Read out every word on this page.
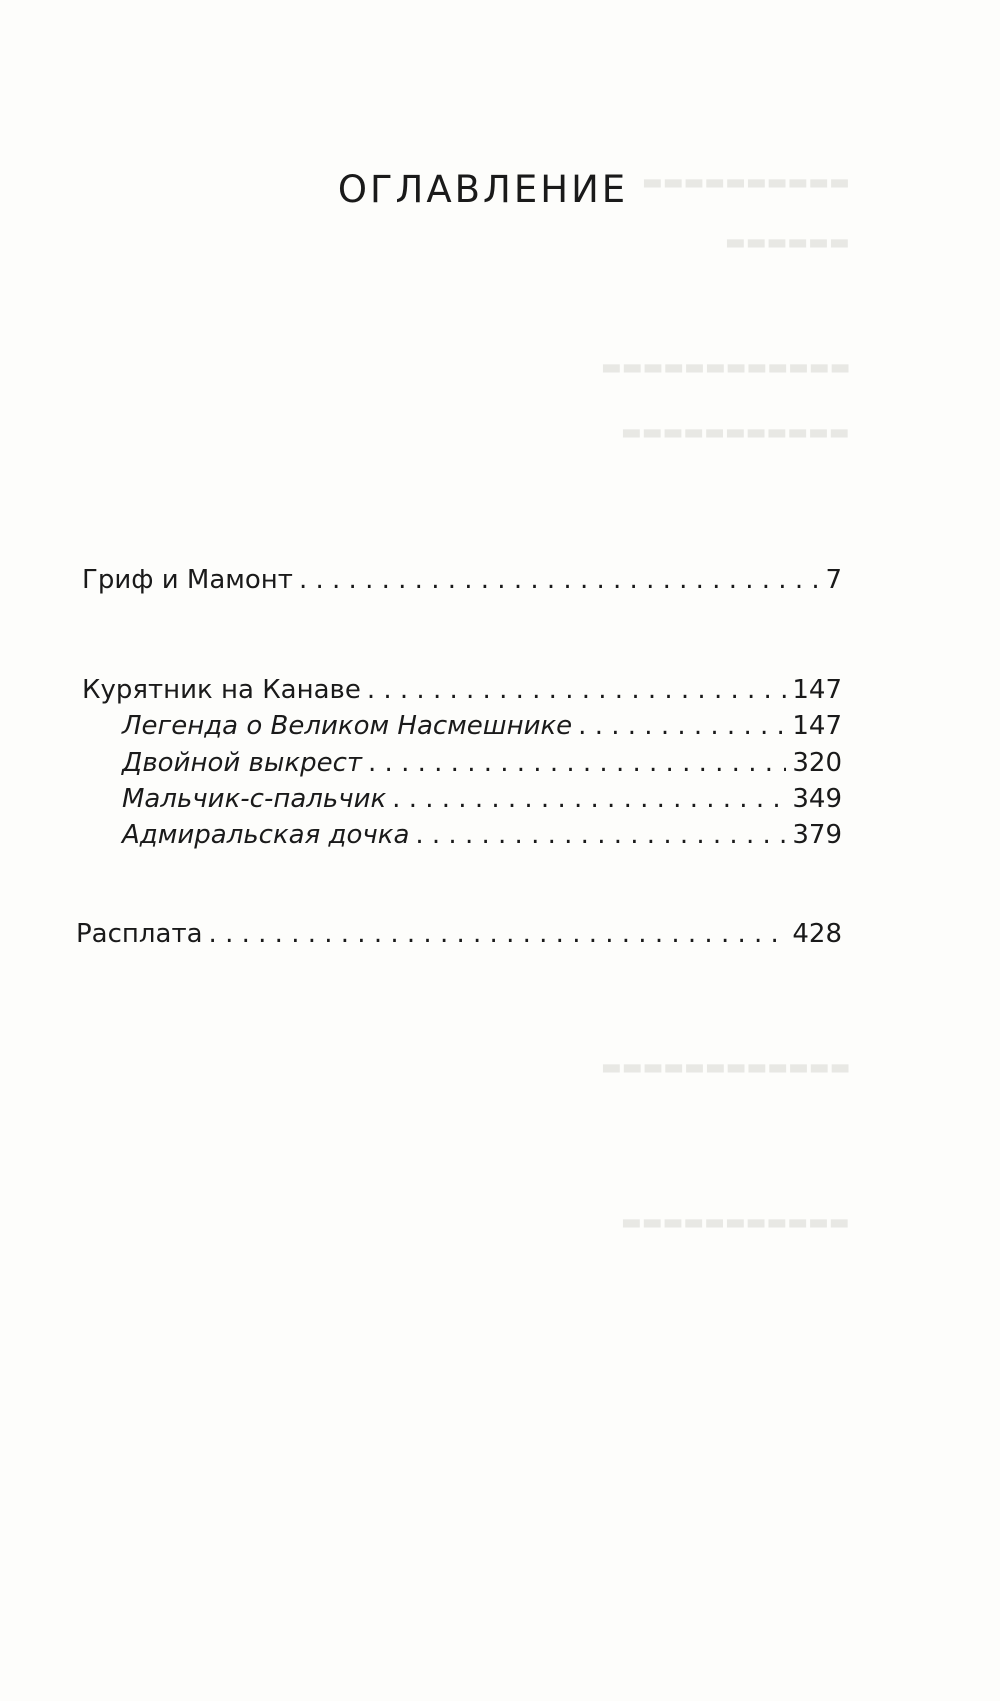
▬▬▬▬▬▬▬▬▬▬
▬▬▬▬▬▬
▬▬▬▬▬▬▬▬▬▬▬▬
▬▬▬▬▬▬▬▬▬▬▬
▬▬▬▬▬▬▬▬▬▬▬▬
▬▬▬▬▬▬▬▬▬▬▬
ОГЛАВЛЕНИЕ
Гриф и Мамонт . . .	7
Курятник на Канаве . . .	147
Легенда о Великом Насмешнике . . .	147
Двойной выкрест . . .	320
Мальчик-с-пальчик . . .	349
Адмиральская дочка . . .	379
Расплата . . .	428
